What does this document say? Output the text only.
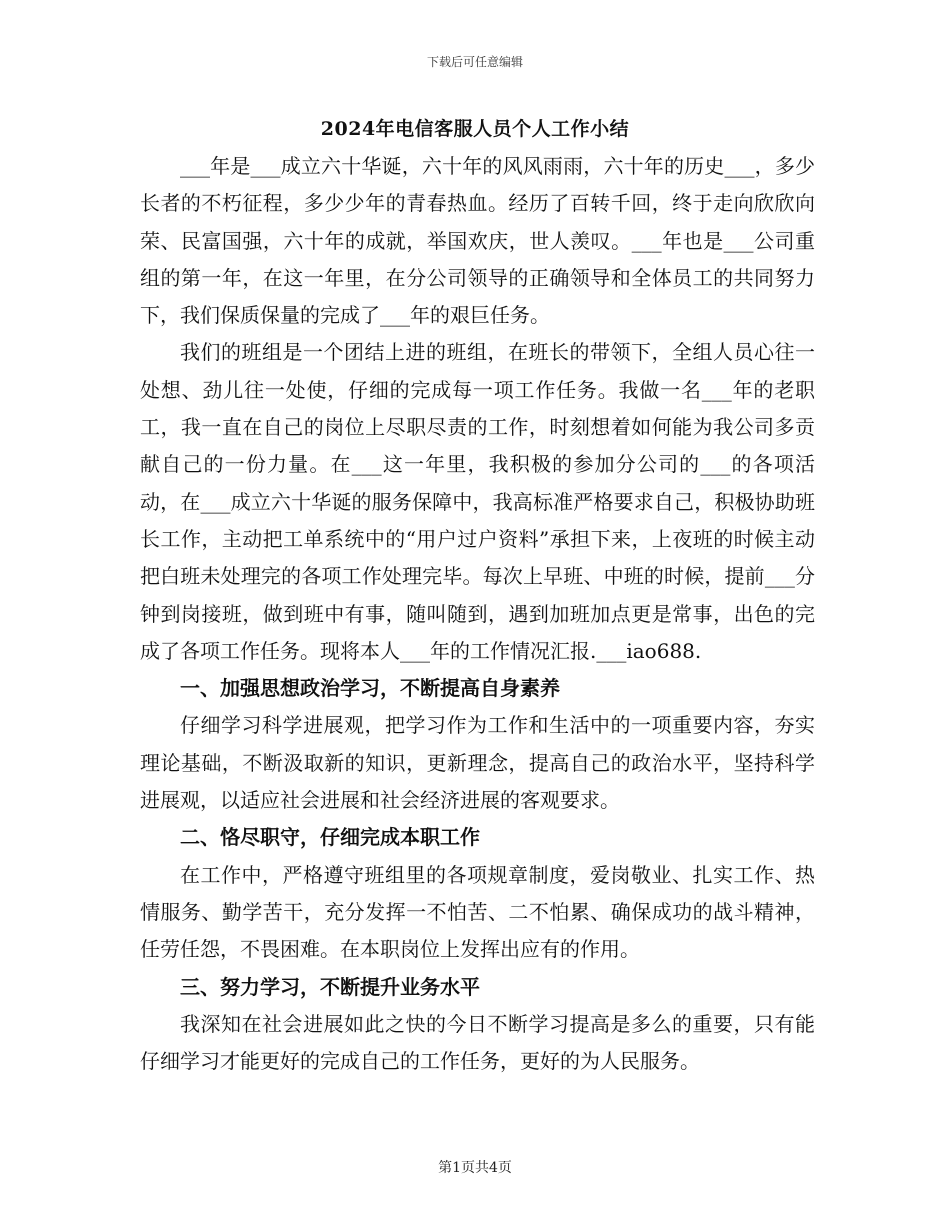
下载后可任意编辑
2024年电信客服人员个人工作小结

___年是___成立六十华诞，六十年的风风雨雨，六十年的历史___，多少长者的不朽征程，多少少年的青春热血。经历了百转千回，终于走向欣欣向荣、民富国强，六十年的成就，举国欢庆，世人羡叹。___年也是___公司重组的第一年，在这一年里，在分公司领导的正确领导和全体员工的共同努力下，我们保质保量的完成了___年的艰巨任务。

我们的班组是一个团结上进的班组，在班长的带领下，全组人员心往一处想、劲儿往一处使，仔细的完成每一项工作任务。我做一名___年的老职工，我一直在自己的岗位上尽职尽责的工作，时刻想着如何能为我公司多贡献自己的一份力量。在___这一年里，我积极的参加分公司的___的各项活动，在___成立六十华诞的服务保障中，我高标准严格要求自己，积极协助班长工作，主动把工单系统中的“用户过户资料”承担下来，上夜班的时候主动把白班未处理完的各项工作处理完毕。每次上早班、中班的时候，提前___分钟到岗接班，做到班中有事，随叫随到，遇到加班加点更是常事，出色的完成了各项工作任务。现将本人___年的工作情况汇报.___iao688.

一、加强思想政治学习，不断提高自身素养

仔细学习科学进展观，把学习作为工作和生活中的一项重要内容，夯实理论基础，不断汲取新的知识，更新理念，提高自己的政治水平，坚持科学进展观，以适应社会进展和社会经济进展的客观要求。

二、恪尽职守，仔细完成本职工作

在工作中，严格遵守班组里的各项规章制度，爱岗敬业、扎实工作、热情服务、勤学苦干，充分发挥一不怕苦、二不怕累、确保成功的战斗精神，任劳任怨，不畏困难。在本职岗位上发挥出应有的作用。

三、努力学习，不断提升业务水平

我深知在社会进展如此之快的今日不断学习提高是多么的重要，只有能仔细学习才能更好的完成自己的工作任务，更好的为人民服务。

第1页共4页
